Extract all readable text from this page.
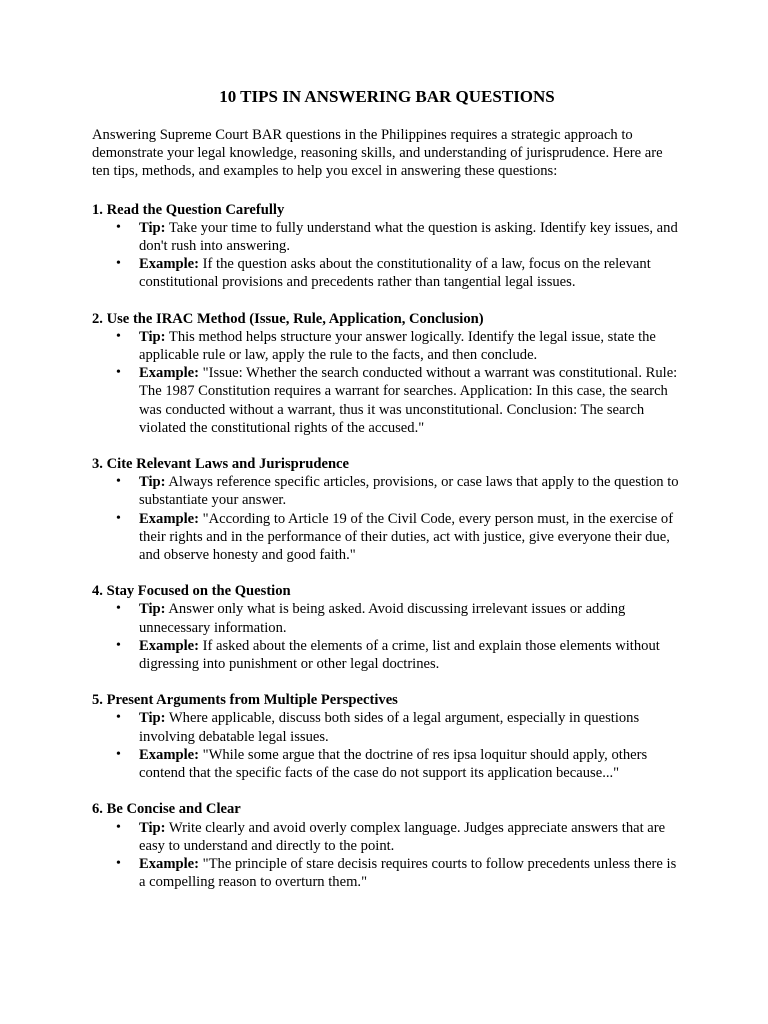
10 TIPS IN ANSWERING BAR QUESTIONS

Answering Supreme Court BAR questions in the Philippines requires a strategic approach to demonstrate your legal knowledge, reasoning skills, and understanding of jurisprudence. Here are ten tips, methods, and examples to help you excel in answering these questions:

1. Read the Question Carefully

• Tip: Take your time to fully understand what the question is asking. Identify key issues, and don't rush into answering.
• Example: If the question asks about the constitutionality of a law, focus on the relevant constitutional provisions and precedents rather than tangential legal issues.

2. Use the IRAC Method (Issue, Rule, Application, Conclusion)

• Tip: This method helps structure your answer logically. Identify the legal issue, state the applicable rule or law, apply the rule to the facts, and then conclude.
• Example: "Issue: Whether the search conducted without a warrant was constitutional. Rule: The 1987 Constitution requires a warrant for searches. Application: In this case, the search was conducted without a warrant, thus it was unconstitutional. Conclusion: The search violated the constitutional rights of the accused."

3. Cite Relevant Laws and Jurisprudence

• Tip: Always reference specific articles, provisions, or case laws that apply to the question to substantiate your answer.
• Example: "According to Article 19 of the Civil Code, every person must, in the exercise of their rights and in the performance of their duties, act with justice, give everyone their due, and observe honesty and good faith."

4. Stay Focused on the Question

• Tip: Answer only what is being asked. Avoid discussing irrelevant issues or adding unnecessary information.
• Example: If asked about the elements of a crime, list and explain those elements without digressing into punishment or other legal doctrines.

5. Present Arguments from Multiple Perspectives

• Tip: Where applicable, discuss both sides of a legal argument, especially in questions involving debatable legal issues.
• Example: "While some argue that the doctrine of res ipsa loquitur should apply, others contend that the specific facts of the case do not support its application because..."

6. Be Concise and Clear

• Tip: Write clearly and avoid overly complex language. Judges appreciate answers that are easy to understand and directly to the point.
• Example: "The principle of stare decisis requires courts to follow precedents unless there is a compelling reason to overturn them."
